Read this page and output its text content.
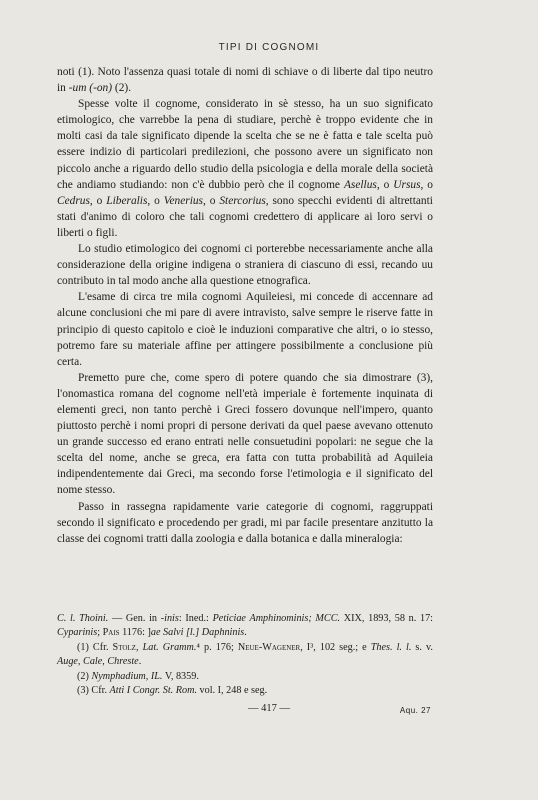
TIPI DI COGNOMI

noti (1). Noto l'assenza quasi totale di nomi di schiave o di liberte dal tipo neutro in -um (-on) (2).

Spesse volte il cognome, considerato in sè stesso, ha un suo significato etimologico, che varrebbe la pena di studiare, perchè è troppo evidente che in molti casi da tale significato dipende la scelta che se ne è fatta e tale scelta può essere indizio di particolari predilezioni, che possono avere un significato non piccolo anche a riguardo dello studio della psicologia e della morale della società che andiamo studiando: non c'è dubbio però che il cognome Asellus, o Ursus, o Cedrus, o Liberalis, o Venerius, o Stercorius, sono specchi evidenti di altrettanti stati d'animo di coloro che tali cognomi credettero di applicare ai loro servi o liberti o figli.

Lo studio etimologico dei cognomi ci porterebbe necessariamente anche alla considerazione della origine indigena o straniera di ciascuno di essi, recando uu contributo in tal modo anche alla questione etnografica.

L'esame di circa tre mila cognomi Aquileiesi, mi concede di accennare ad alcune conclusioni che mi pare di avere intravisto, salve sempre le riserve fatte in principio di questo capitolo e cioè le induzioni comparative che altri, o io stesso, potremo fare su materiale affine per attingere possibilmente a conclusione più certa.

Premetto pure che, come spero di potere quando che sia dimostrare (3), l'onomastica romana del cognome nell'età imperiale è fortemente inquinata di elementi greci, non tanto perchè i Greci fossero dovunque nell'impero, quanto piuttosto perchè i nomi propri di persone derivati da quel paese avevano ottenuto un grande successo ed erano entrati nelle consuetudini popolari: ne segue che la scelta del nome, anche se greca, era fatta con tutta probabilità ad Aquileia indipendentemente dai Greci, ma secondo forse l'etimologia e il significato del nome stesso.

Passo in rassegna rapidamente varie categorie di cognomi, raggruppati secondo il significato e procedendo per gradi, mi par facile presentare anzitutto la classe dei cognomi tratti dalla zoologia e dalla botanica e dalla mineralogia:

C. l. Thoini. — Gen. in -inis: Ined.: Peticiae Amphinominis; MCC. XIX, 1893, 58 n. 17: Cyparinis; Pais 1176: ]ae Salvi [l.] Daphninis.

(1) Cfr. Stolz, Lat. Gramm.⁴ p. 176; Neue-Wagener, I³, 102 seg.; e Thes. l. l. s. v. Auge, Cale, Chreste.

(2) Nymphadium, IL. V, 8359.

(3) Cfr. Atti I Congr. St. Rom. vol. I, 248 e seg.

— 417 —	Aqu. 27
